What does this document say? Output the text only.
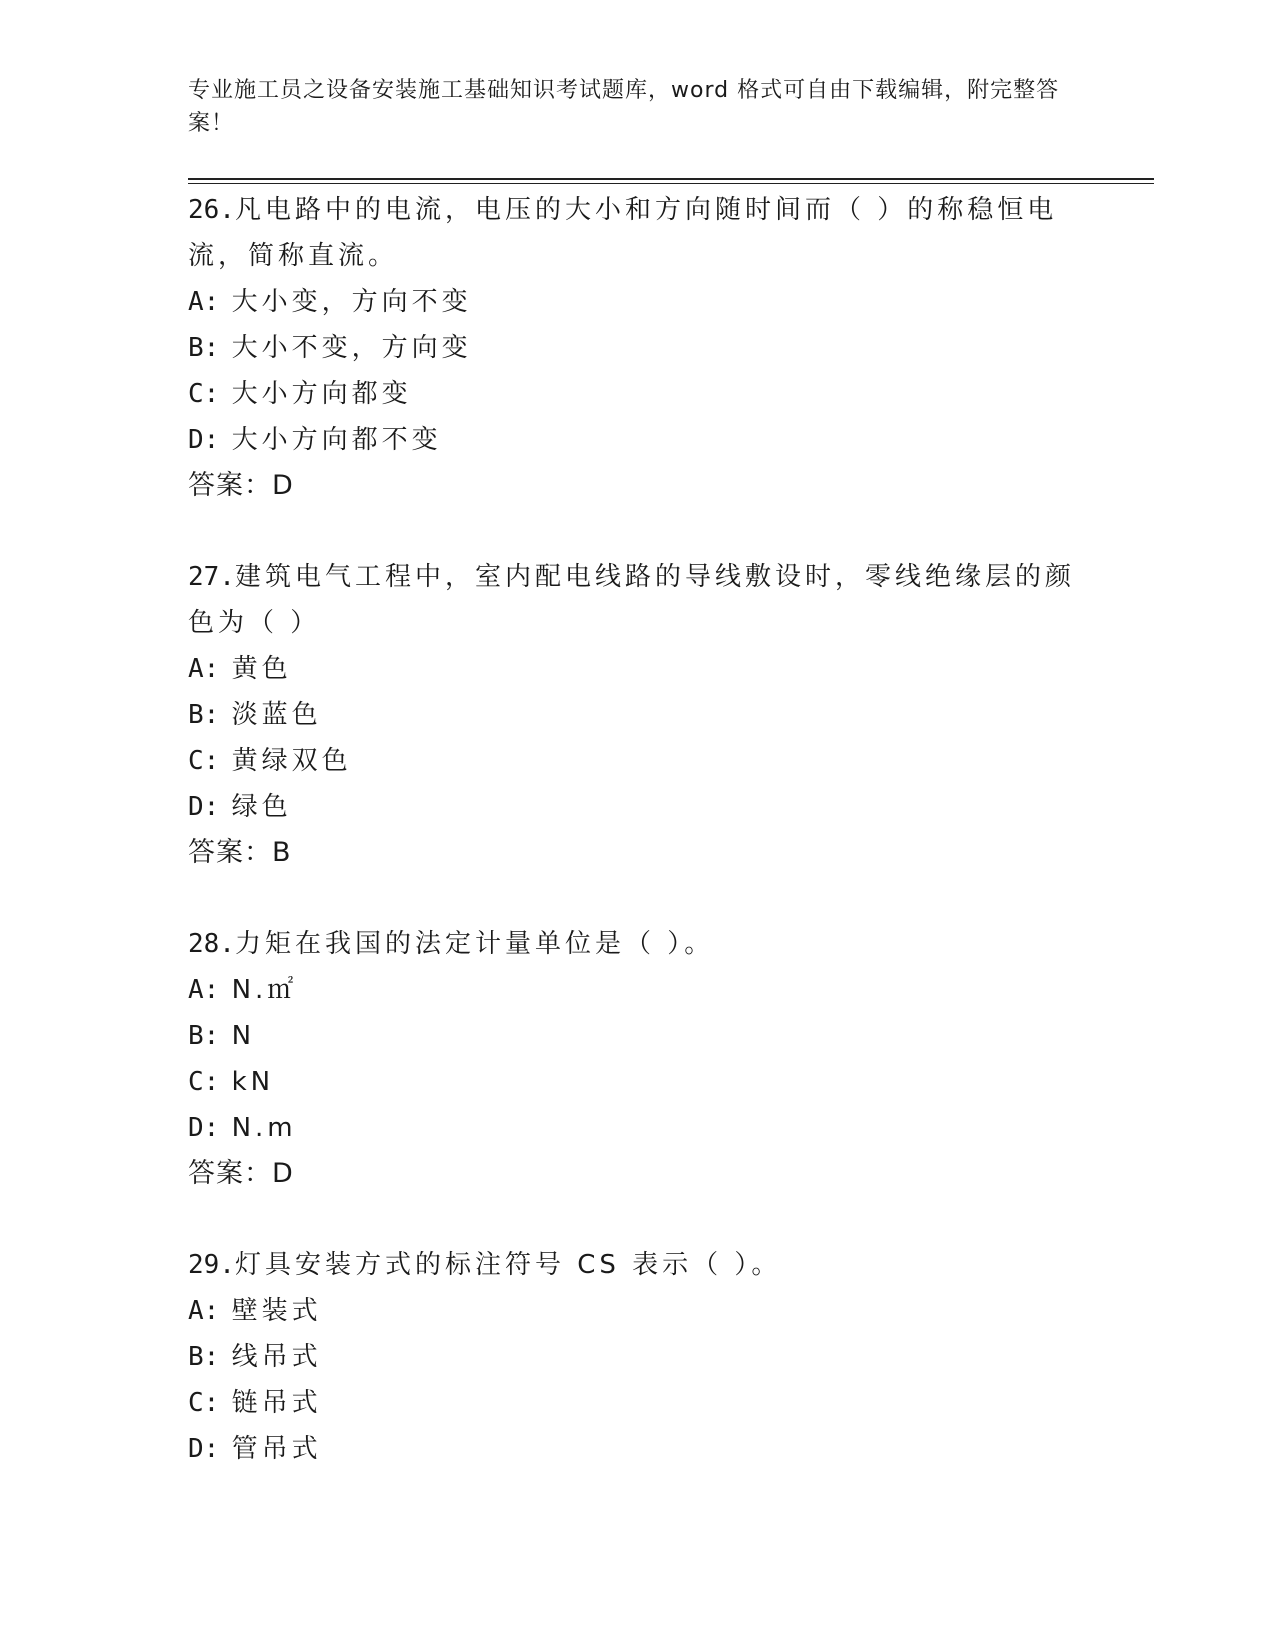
专业施工员之设备安装施工基础知识考试题库，word 格式可自由下载编辑，附完整答案！
26.凡电路中的电流，电压的大小和方向随时间而（ ）的称稳恒电流，简称直流。
A: 大小变，方向不变
B: 大小不变，方向变
C: 大小方向都变
D: 大小方向都不变
答案：D
27.建筑电气工程中，室内配电线路的导线敷设时，零线绝缘层的颜色为（ ）
A: 黄色
B: 淡蓝色
C: 黄绿双色
D: 绿色
答案：B
28.力矩在我国的法定计量单位是（ ）。
A: N.㎡
B: N
C: kN
D: N.m
答案：D
29.灯具安装方式的标注符号 CS 表示（ ）。
A: 壁装式
B: 线吊式
C: 链吊式
D: 管吊式
